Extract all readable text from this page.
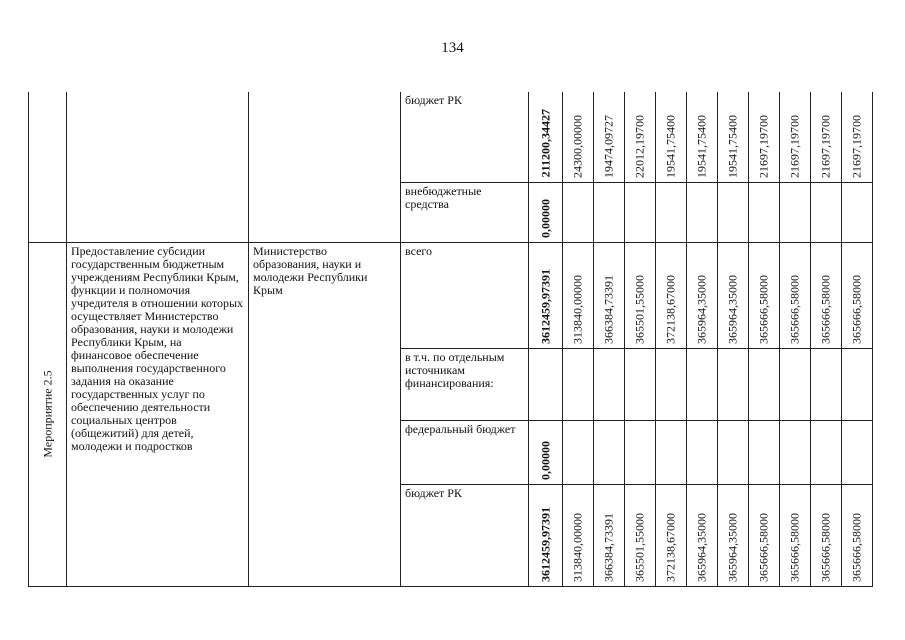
134

			бюджет РК	211200,34427	24300,00000	19474,09727	22012,19700	19541,75400	19541,75400	19541,75400	21697,19700	21697,19700	21697,19700	21697,19700

			внебюджетные средства	0,00000										

Мероприятие 2.5	Предоставление субсидии государственным бюджетным учреждениям Республики Крым, функции и полномочия учредителя в отношении которых осуществляет Министерство образования, науки и молодежи Республики Крым, на финансовое обеспечение выполнения государственного задания на оказание государственных услуг по обеспечению деятельности социальных центров (общежитий) для детей, молодежи и подростков	Министерство образования, науки и молодежи Республики Крым	всего	3612459,97391	313840,00000	366384,73391	365501,55000	372138,67000	365964,35000	365964,35000	365666,58000	365666,58000	365666,58000	365666,58000

			в т.ч. по отдельным источникам финансирования:											

			федеральный бюджет	0,00000										

			бюджет РК	3612459,97391	313840,00000	366384,73391	365501,55000	372138,67000	365964,35000	365964,35000	365666,58000	365666,58000	365666,58000	365666,58000
